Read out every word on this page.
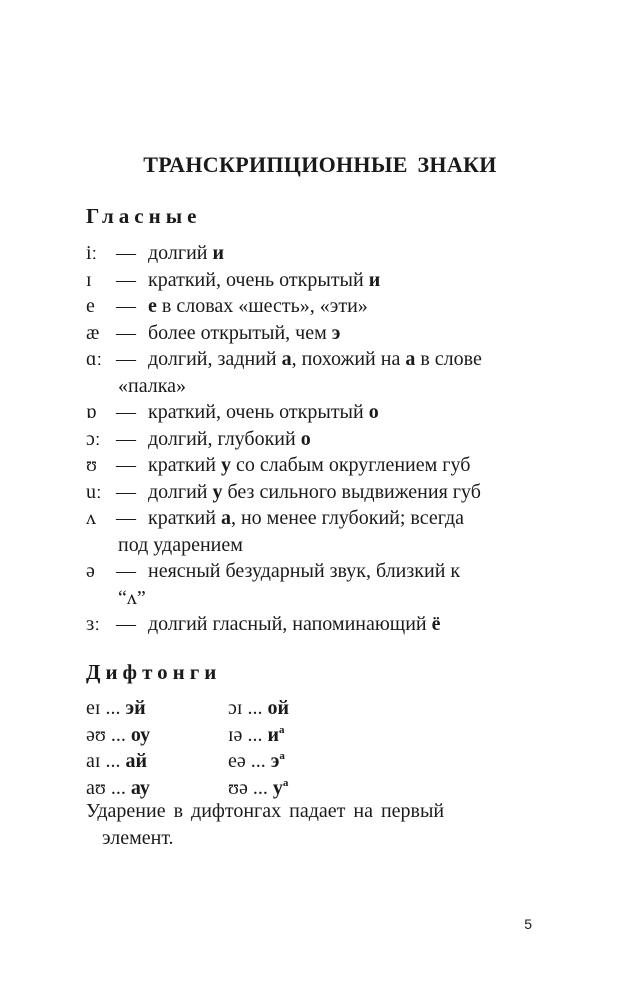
ТРАНСКРИПЦИОННЫЕ ЗНАКИ
Гласные
iː — долгий и
ɪ	— краткий, очень открытый и
e	— е в словах «шесть», «эти»
æ — более открытый, чем э
ɑː — долгий, задний а, похожий на а в слове
«палка»
ɒ — краткий, очень открытый о
ɔː — долгий, глубокий о
ʊ — краткий у со слабым округлением губ
uː — долгий у без сильного выдвижения губ
ʌ	— краткий а, но менее глубокий; всегда
под ударением
ə	— неясный безударный звук, близкий к
“ʌ”
ɜː — долгий гласный, напоминающий ё
Дифтонги
eɪ ... эй	ɔɪ ... ой
əʊ ... оу	ɪə ... $и^а$
aɪ ... ай	eə ... $э^а$
aʊ ... ау	ʊə ... $у^а$
Ударение в дифтонгах падает на первый
элемент.
5
